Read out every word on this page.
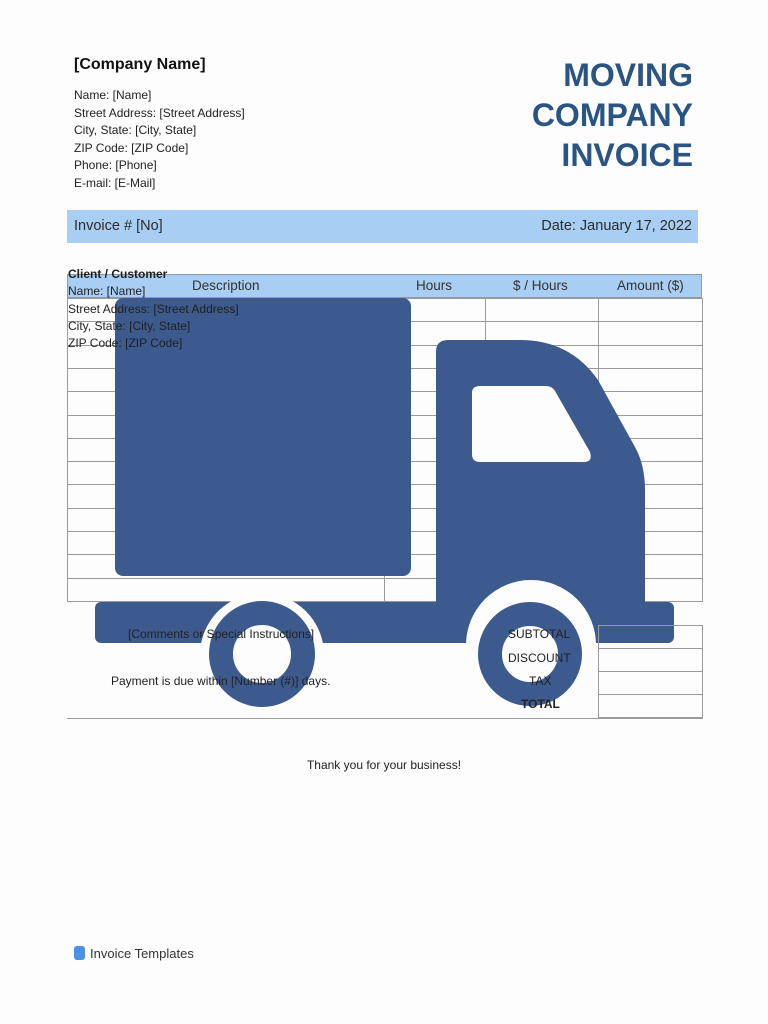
[Company Name]
Name: [Name]
Street Address: [Street Address]
City, State: [City, State]
ZIP Code: [ZIP Code]
Phone: [Phone]
E-mail: [E-Mail]
MOVING
COMPANY
INVOICE
Invoice # [No]	Date: January 17, 2022
Description	Hours	$ / Hours	Amount ($)
Client / Customer
Name: [Name]
Street Address: [Street Address]
City, State: [City, State]
ZIP Code: [ZIP Code]
[Comments or Special Instructions]
Payment is due within [Number (#)] days.
SUBTOTAL
DISCOUNT
TAX
TOTAL
Thank you for your business!
Invoice Templates
